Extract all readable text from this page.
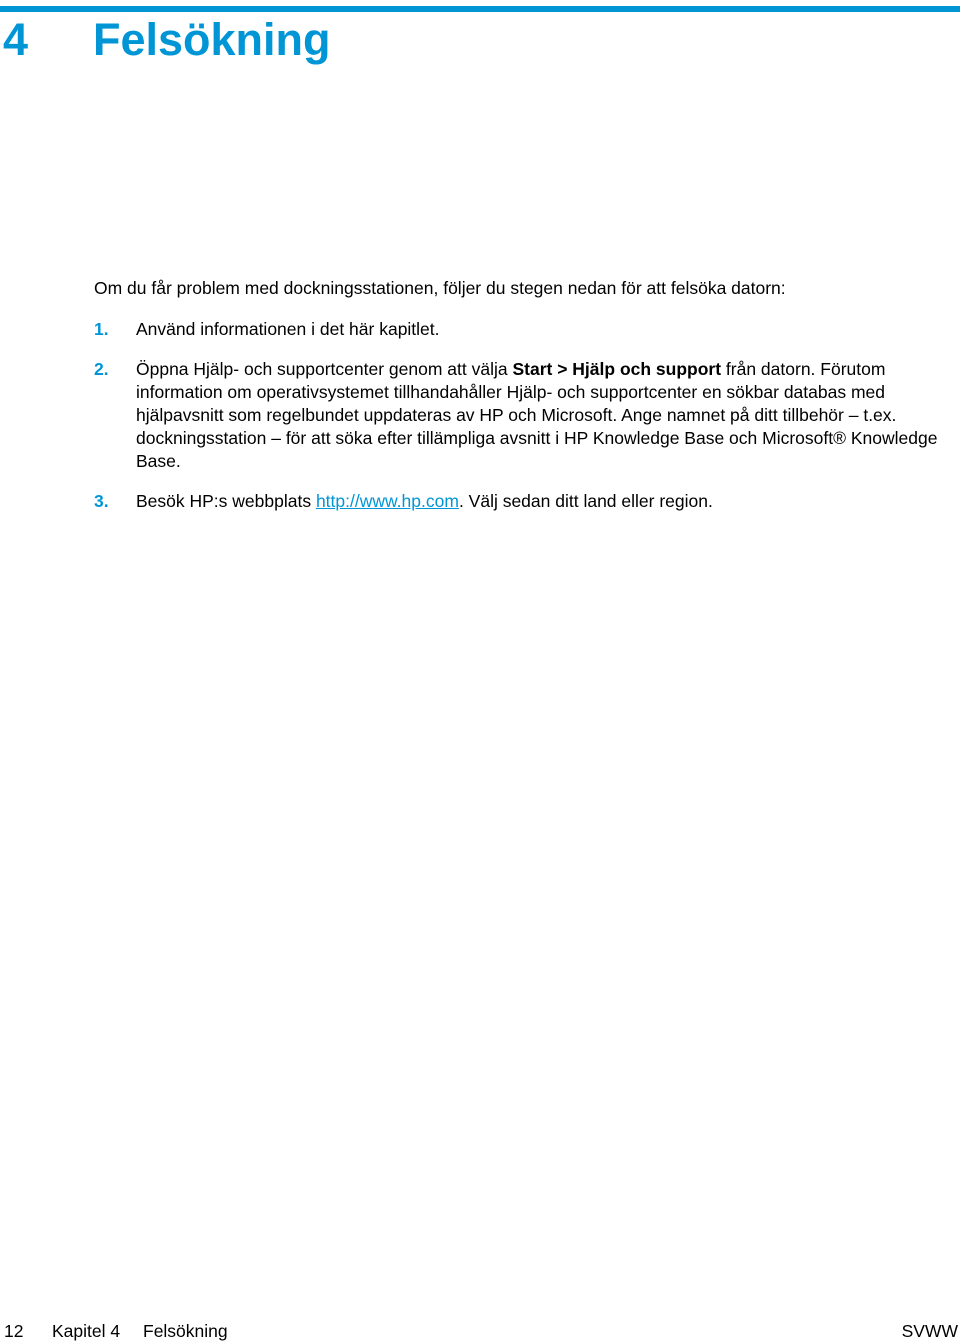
4 Felsökning

Om du får problem med dockningsstationen, följer du stegen nedan för att felsöka datorn:

1. Använd informationen i det här kapitlet.
2. Öppna Hjälp- och supportcenter genom att välja Start > Hjälp och support från datorn. Förutom information om operativsystemet tillhandahåller Hjälp- och supportcenter en sökbar databas med hjälpavsnitt som regelbundet uppdateras av HP och Microsoft. Ange namnet på ditt tillbehör – t.ex. dockningsstation – för att söka efter tillämpliga avsnitt i HP Knowledge Base och Microsoft® Knowledge Base.
3. Besök HP:s webbplats http://www.hp.com. Välj sedan ditt land eller region.
12 Kapitel 4 Felsökning	SVWW
